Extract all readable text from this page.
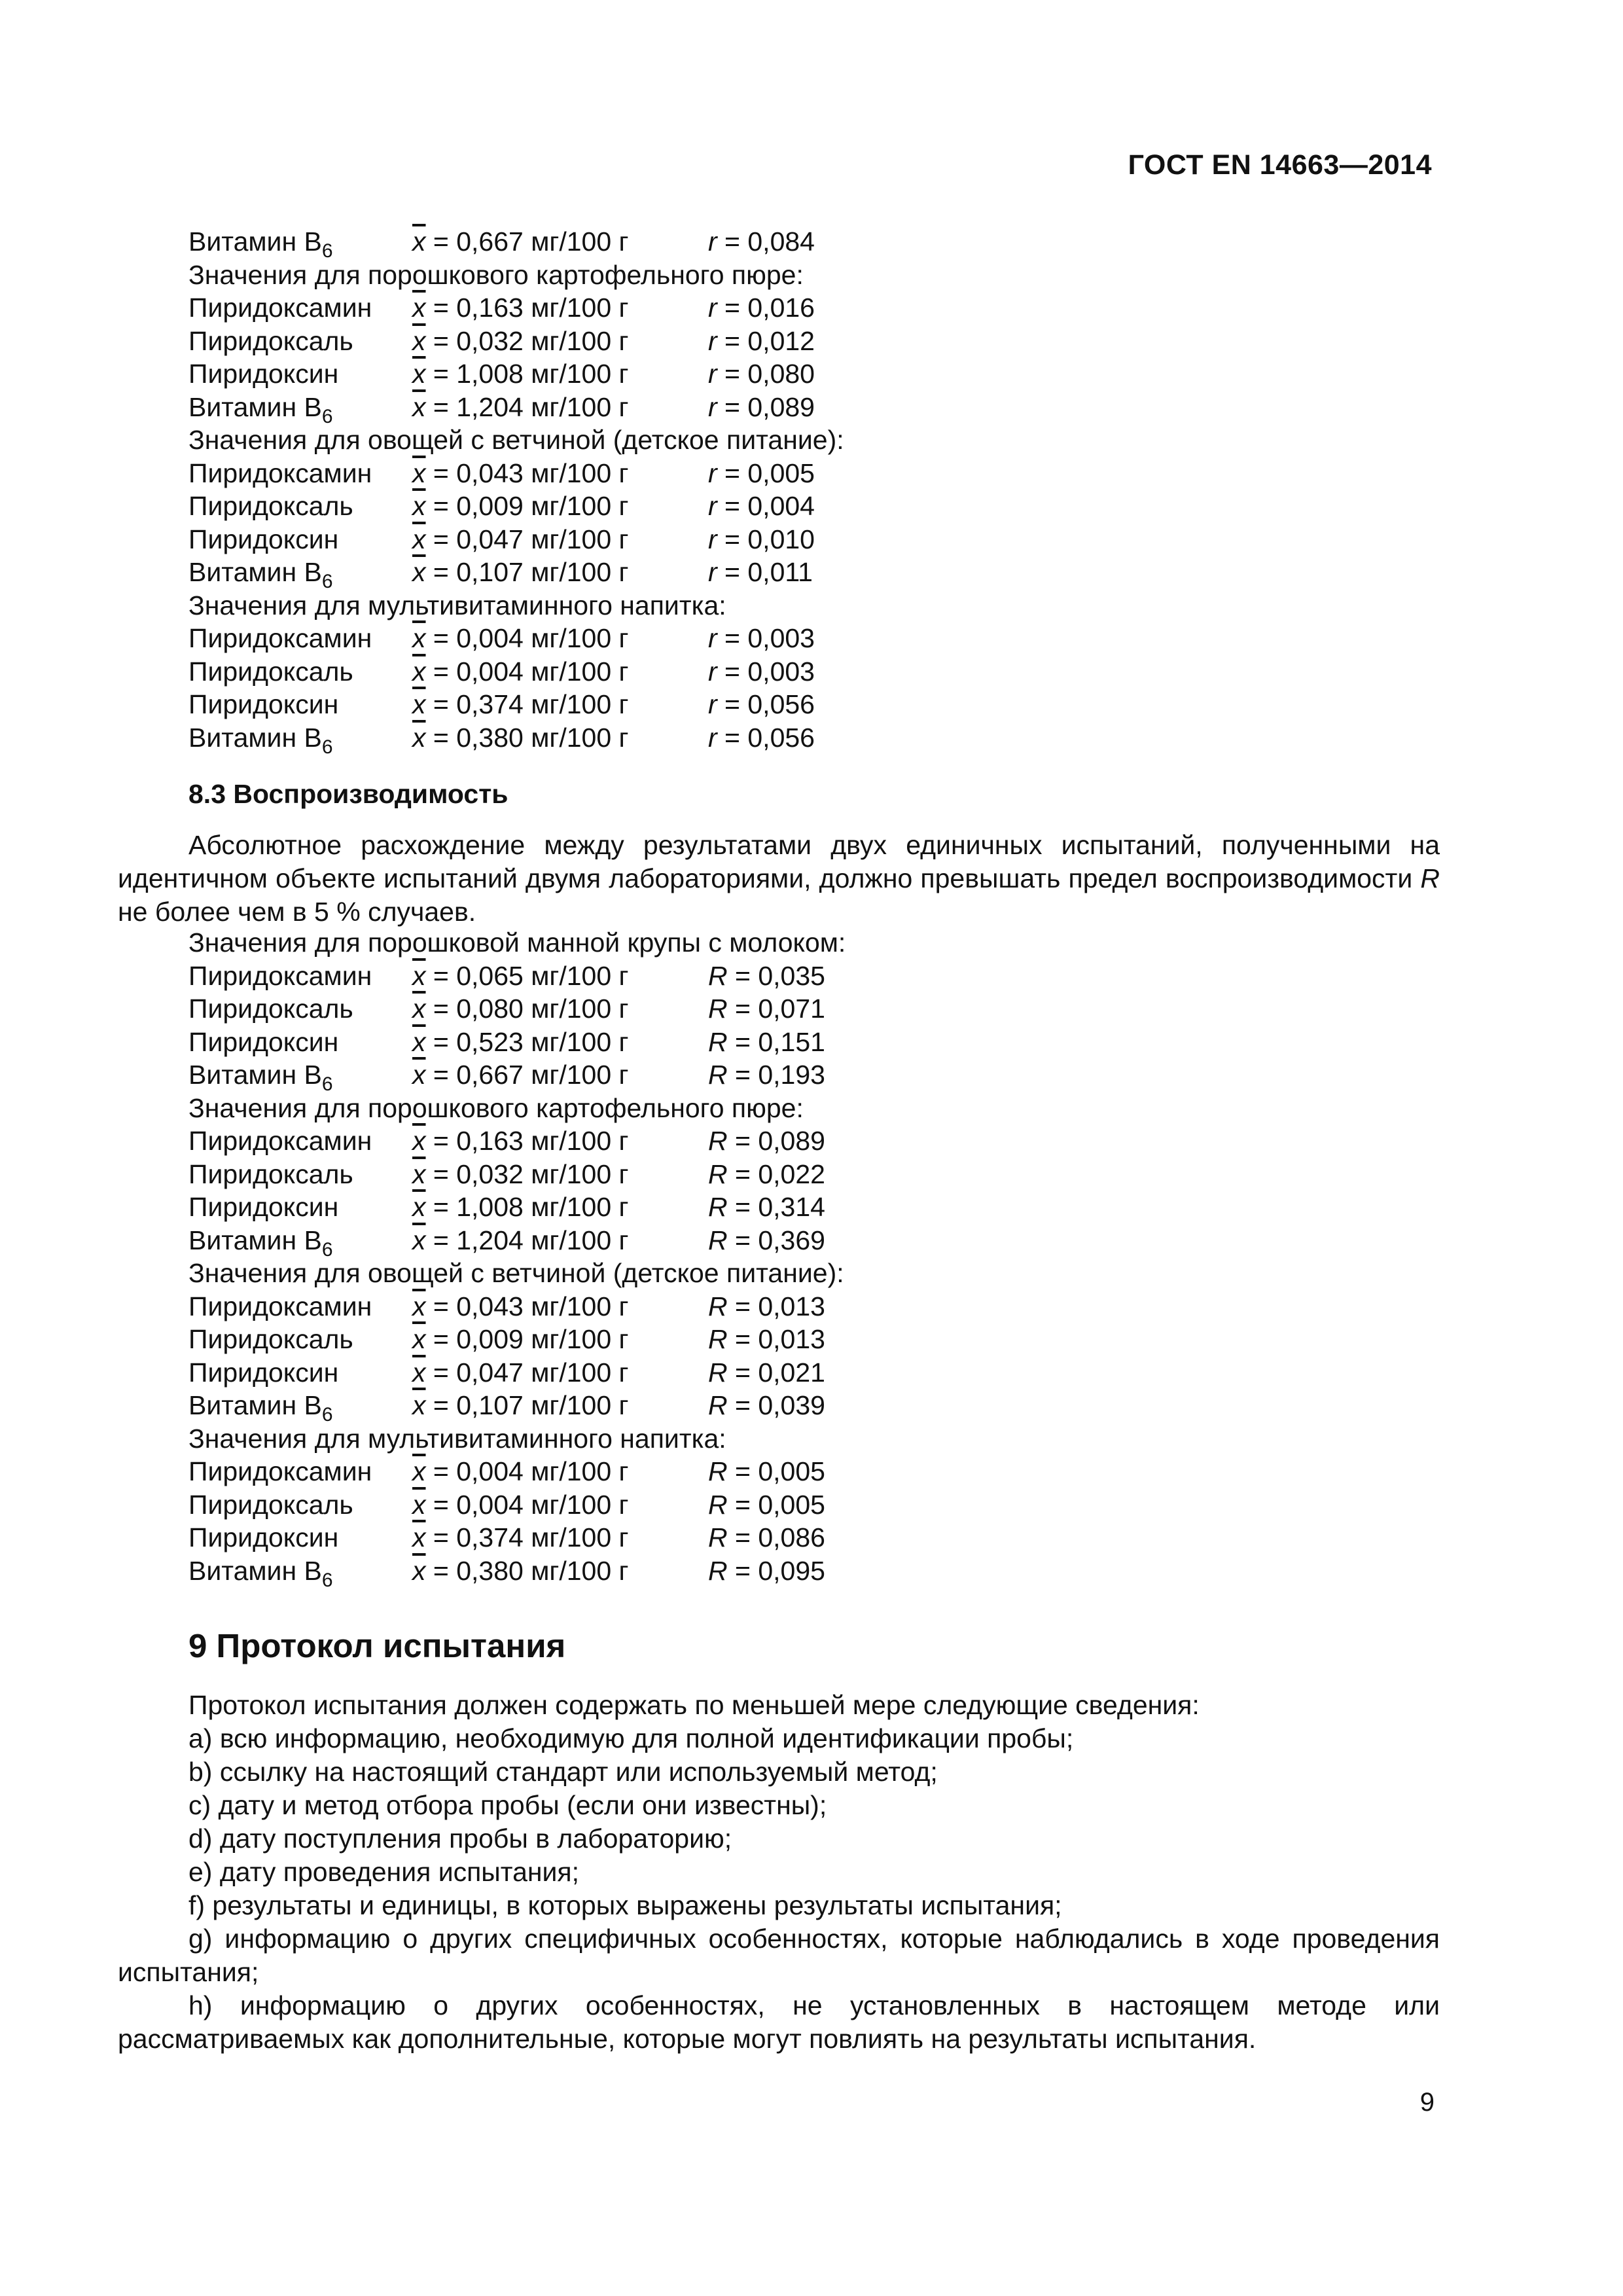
ГОСТ EN 14663—2014
Витамин $B_6$	$\overline{x} = 0,667$ мг/100 г	r = 0,084
Значения для порошкового картофельного пюре:
Пиридоксамин $\overline{x} = 0,163$ мг/100 г	r = 0,016
Пиридоксаль $\overline{x} = 0,032$ мг/100 г	r = 0,012
Пиридоксин	$\overline{x} = 1,008$ мг/100 г	r = 0,080
Витамин $B_6$	$\overline{x} = 1,204$ мг/100 г	r = 0,089
Значения для овощей с ветчиной (детское питание):
Пиридоксамин $\overline{x} = 0,043$ мг/100 г	r = 0,005
Пиридоксаль $\overline{x} = 0,009$ мг/100 г	r = 0,004
Пиридоксин	$\overline{x} = 0,047$ мг/100 г	r = 0,010
Витамин $B_6$	$\overline{x} = 0,107$ мг/100 г	r = 0,011
Значения для мультивитаминного напитка:
Пиридоксамин $\overline{x} = 0,004$ мг/100 г	r = 0,003
Пиридоксаль $\overline{x} = 0,004$ мг/100 г	r = 0,003
Пиридоксин	$\overline{x} = 0,374$ мг/100 г	r = 0,056
Витамин $B_6$	$\overline{x} = 0,380$ мг/100 г	r = 0,056
8.3 Воспроизводимость
Абсолютное расхождение между результатами двух единичных испытаний, полученными на идентичном объекте испытаний двумя лабораториями, должно превышать предел воспроизводимости R не более чем в 5 % случаев.
Значения для порошковой манной крупы с молоком:
Пиридоксамин $\overline{x} = 0,065$ мг/100 г	R = 0,035
Пиридоксаль $\overline{x} = 0,080$ мг/100 г	R = 0,071
Пиридоксин	$\overline{x} = 0,523$ мг/100 г	R = 0,151
Витамин $B_6$	$\overline{x} = 0,667$ мг/100 г	R = 0,193
Значения для порошкового картофельного пюре:
Пиридоксамин $\overline{x} = 0,163$ мг/100 г	R = 0,089
Пиридоксаль $\overline{x} = 0,032$ мг/100 г	R = 0,022
Пиридоксин	$\overline{x} = 1,008$ мг/100 г	R = 0,314
Витамин $B_6$	$\overline{x} = 1,204$ мг/100 г	R = 0,369
Значения для овощей с ветчиной (детское питание):
Пиридоксамин $\overline{x} = 0,043$ мг/100 г	R = 0,013
Пиридоксаль $\overline{x} = 0,009$ мг/100 г	R = 0,013
Пиридоксин	$\overline{x} = 0,047$ мг/100 г	R = 0,021
Витамин $B_6$	$\overline{x} = 0,107$ мг/100 г	R = 0,039
Значения для мультивитаминного напитка:
Пиридоксамин $\overline{x} = 0,004$ мг/100 г	R = 0,005
Пиридоксаль $\overline{x} = 0,004$ мг/100 г	R = 0,005
Пиридоксин	$\overline{x} = 0,374$ мг/100 г	R = 0,086
Витамин $B_6$	$\overline{x} = 0,380$ мг/100 г	R = 0,095
9 Протокол испытания
Протокол испытания должен содержать по меньшей мере следующие сведения:
a) всю информацию, необходимую для полной идентификации пробы;
b) ссылку на настоящий стандарт или используемый метод;
c) дату и метод отбора пробы (если они известны);
d) дату поступления пробы в лабораторию;
e) дату проведения испытания;
f) результаты и единицы, в которых выражены результаты испытания;
g) информацию о других специфичных особенностях, которые наблюдались в ходе проведения испытания;
h) информацию о других особенностях, не установленных в настоящем методе или рассматриваемых как дополнительные, которые могут повлиять на результаты испытания.
9
